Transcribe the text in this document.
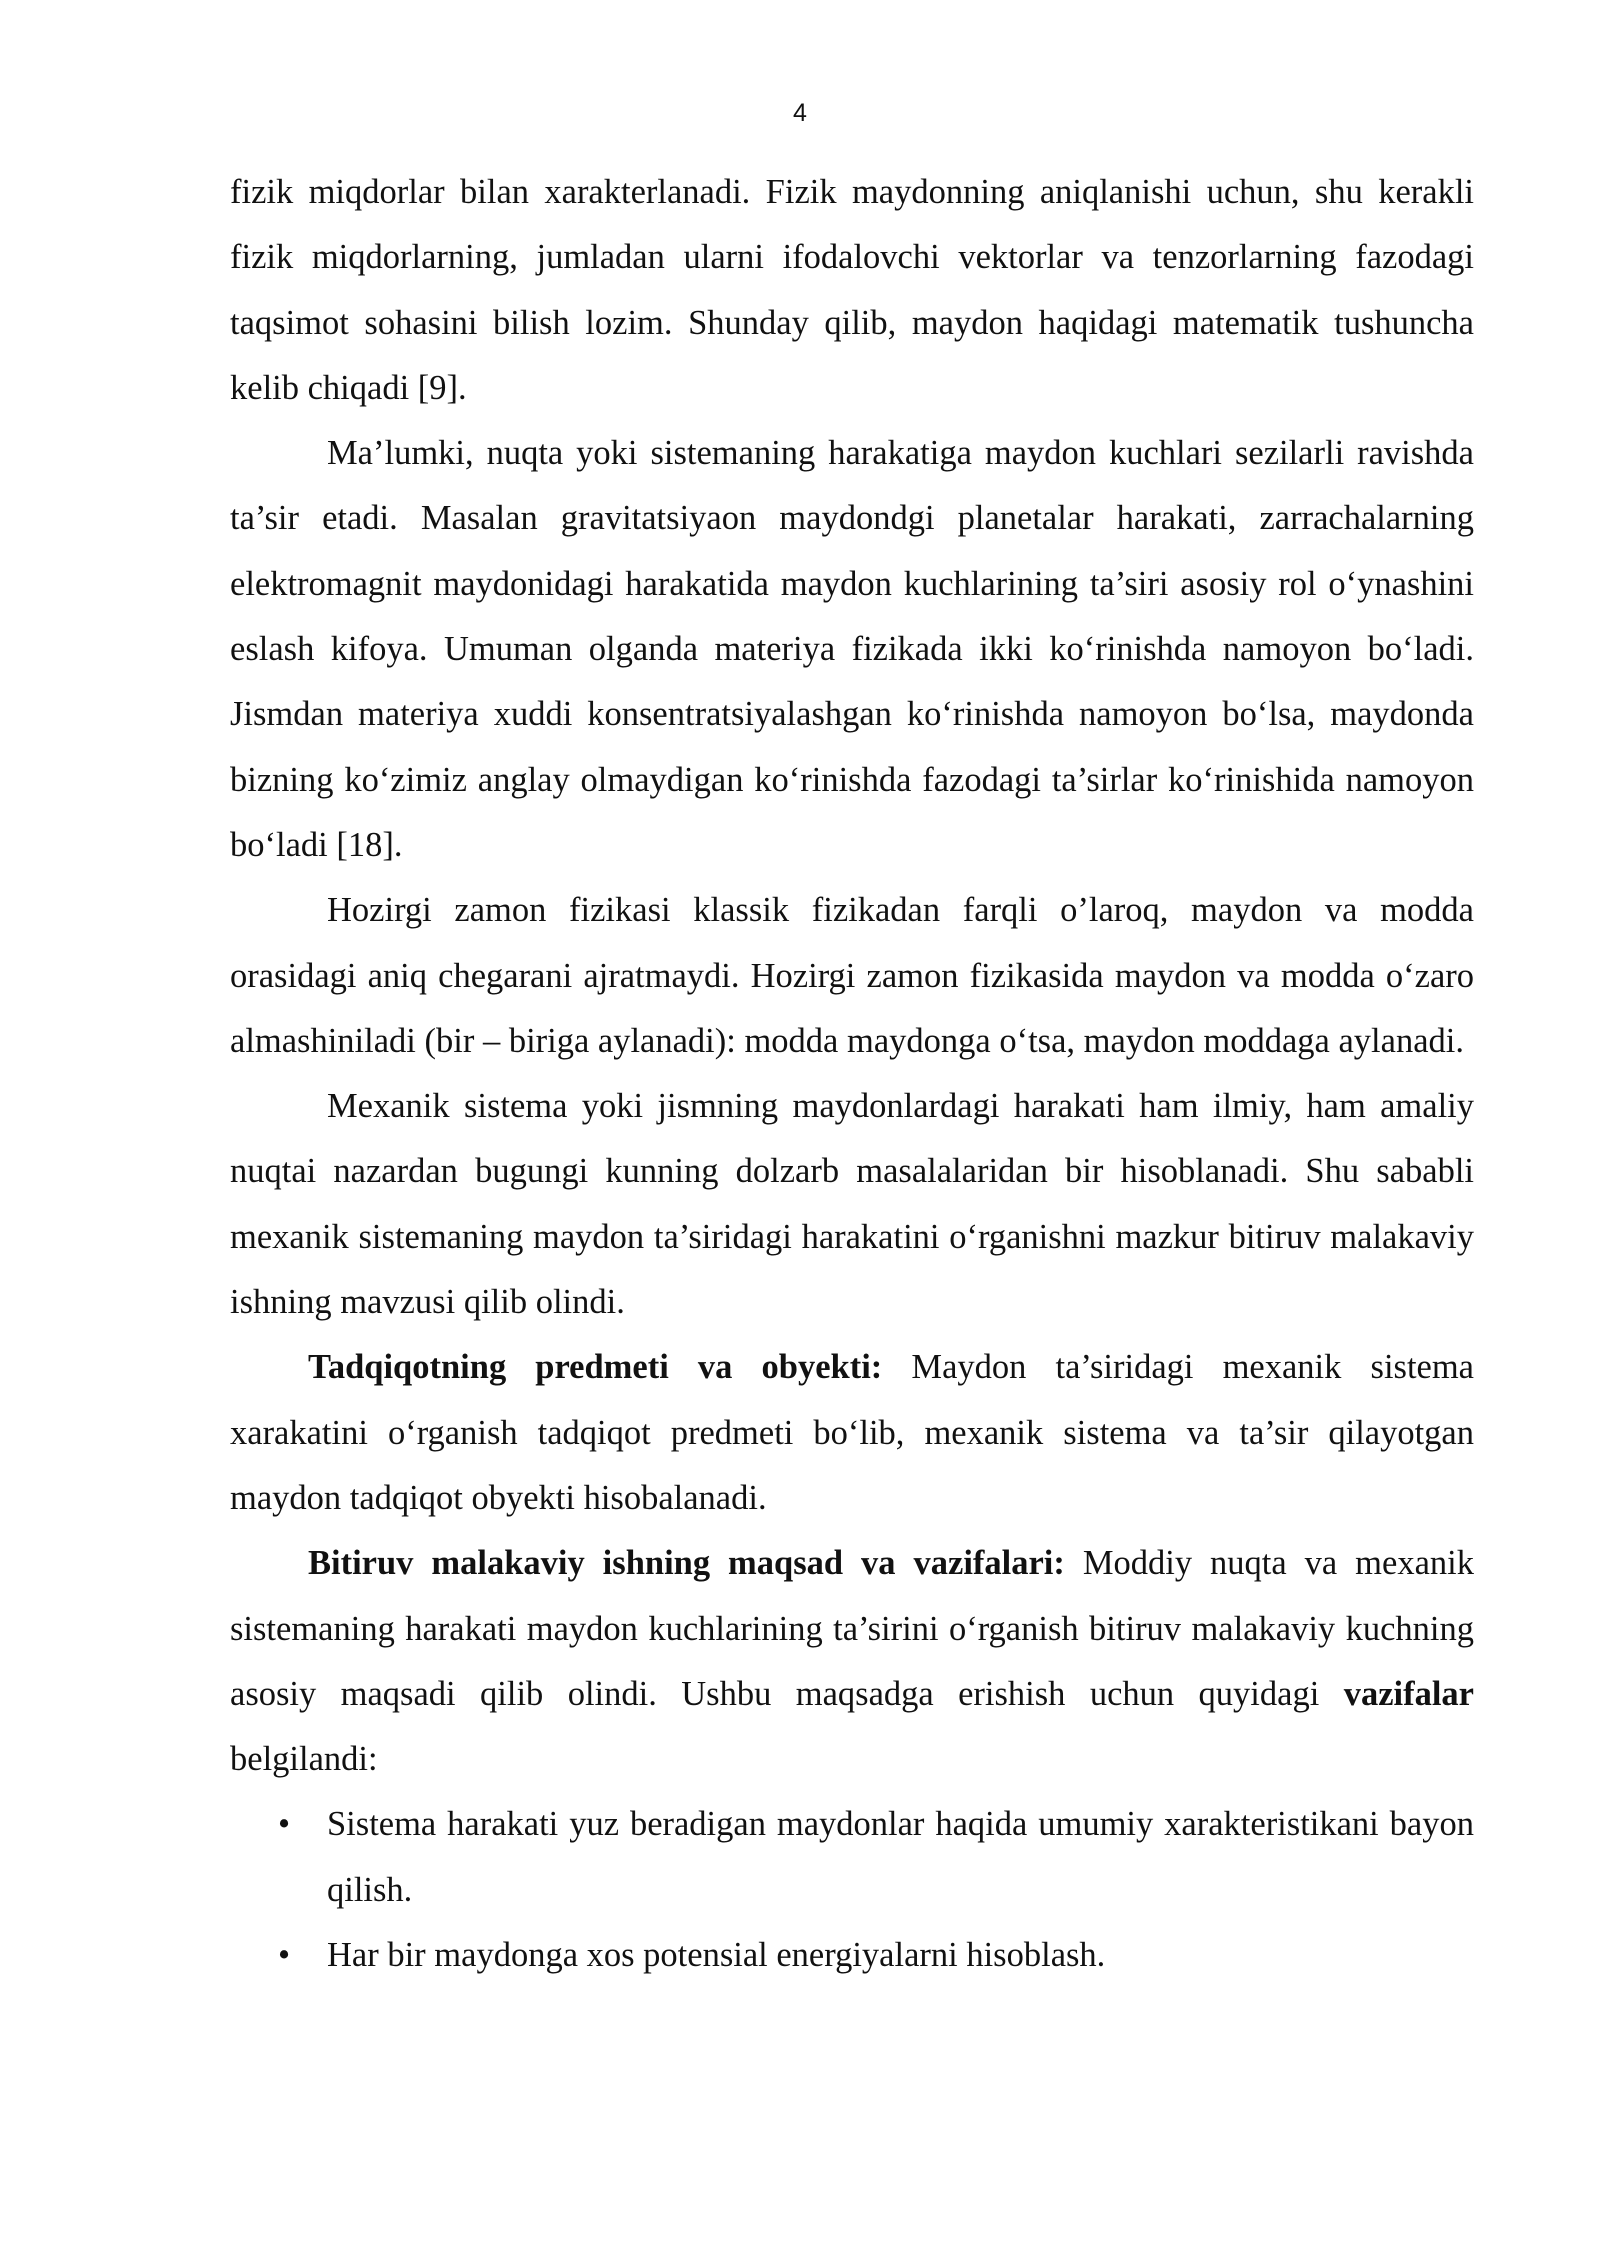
4

fizik miqdorlar bilan xarakterlanadi. Fizik maydonning aniqlanishi uchun, shu kerakli fizik miqdorlarning, jumladan ularni ifodalovchi vektorlar va tenzorlarning fazodagi taqsimot sohasini bilish lozim. Shunday qilib, maydon haqidagi matematik tushuncha kelib chiqadi [9].

Ma’lumki, nuqta yoki sistemaning harakatiga maydon kuchlari sezilarli ravishda ta’sir etadi. Masalan gravitatsiyaon maydondgi planetalar harakati, zarrachalarning elektromagnit maydonidagi harakatida maydon kuchlarining ta’siri asosiy rol o‘ynashini eslash kifoya. Umuman olganda materiya fizikada ikki ko‘rinishda namoyon bo‘ladi. Jismdan materiya xuddi konsentratsiyalashgan ko‘rinishda namoyon bo‘lsa, maydonda bizning ko‘zimiz anglay olmaydigan ko‘rinishda fazodagi ta’sirlar ko‘rinishida namoyon bo‘ladi [18].

Hozirgi zamon fizikasi klassik fizikadan farqli o’laroq, maydon va modda orasidagi aniq chegarani ajratmaydi. Hozirgi zamon fizikasida maydon va modda o‘zaro almashiniladi (bir – biriga aylanadi): modda maydonga o‘tsa, maydon moddaga aylanadi.

Mexanik sistema yoki jismning maydonlardagi harakati ham ilmiy, ham amaliy nuqtai nazardan bugungi kunning dolzarb masalalaridan bir hisoblanadi. Shu sababli mexanik sistemaning maydon ta’siridagi harakatini o‘rganishni mazkur bitiruv malakaviy ishning mavzusi qilib olindi.

Tadqiqotning predmeti va obyekti: Maydon ta’siridagi mexanik sistema xarakatini o‘rganish tadqiqot predmeti bo‘lib, mexanik sistema va ta’sir qilayotgan maydon tadqiqot obyekti hisobalanadi.

Bitiruv malakaviy ishning maqsad va vazifalari: Moddiy nuqta va mexanik sistemaning harakati maydon kuchlarining ta’sirini o‘rganish bitiruv malakaviy kuchning asosiy maqsadi qilib olindi. Ushbu maqsadga erishish uchun quyidagi vazifalar belgilandi:

• Sistema harakati yuz beradigan maydonlar haqida umumiy xarakteristikani bayon qilish.
• Har bir maydonga xos potensial energiyalarni hisoblash.
